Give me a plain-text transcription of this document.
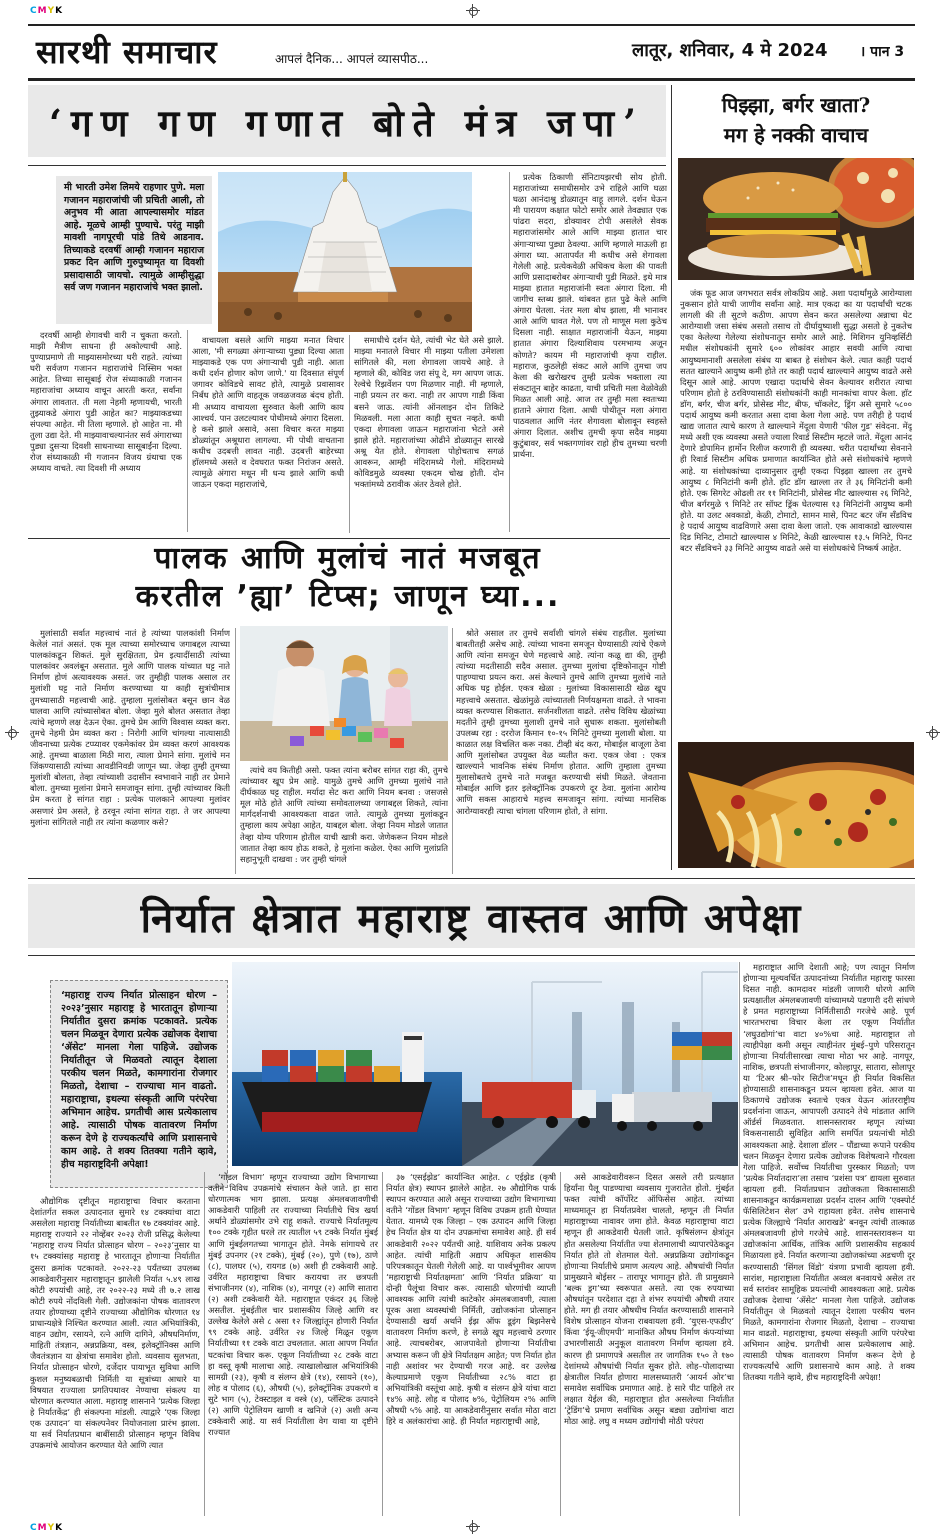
CMYK
CMYK
सारथी समाचार	आपलं दैनिक... आपलं व्यासपीठ...	लातूर, शनिवार, 4 मे 2024 । पान 3
‘गण गण गणात बोते मंत्र जपा’
मी भारती उमेश लिमये राहणार पुणे. मला गजानन महाराजांची जी प्रचिती आली, तो अनुभव मी आता आपल्यासमोर मांडत आहे. मूळचे आम्ही पुण्याचे. परंतु माझी मावशी नागपूरची पांडे तिथे आडनाव. तिच्याकडे दरवर्षी आम्ही गजानन महाराज प्रकट दिन आणि गुरुपुष्यामृत या दिवशी प्रसादासाठी जायचो. त्यामुळे आम्हीसुद्धा सर्व जण गजानन महाराजांचे भक्त झालो.

दरवर्षी आम्ही शेगावची वारी न चुकता करतो. माझी मैत्रीण साधना ही अकोल्याची आहे. पुण्याप्रमाणे ती माझ्यासमोरच्या घरी राहते. त्यांच्या घरी सर्वजण गजानन महाराजांचे निस्सिम भक्त आहेत. तिच्या सासूबाई रोज संध्याकाळी गजानन महाराजांचा अध्याय वाचून आरती करत, सर्वांना अंगारा लावतात. ती मला नेहमी म्हणायची, भारती तुझ्याकडे अंगारा पुडी आहेत का? माझ्याकडच्या संपल्या आहेत. मी तिला म्हणाले. हो आहेत ना. मी तुला उद्या देते. मी माझ्यावाचल्यानंतर सर्व अंगाराच्या पुड्या दुसऱ्या दिवशी साधनाच्या सासूबाईंना दिल्या. रोज संध्याकाळी मी गजानन विजय ग्रंथाचा एक अध्याय वाचते. त्या दिवशी मी अध्याय

वाचायला बसले आणि माझ्या मनात विचार आला, 'मी सगळ्या अंगाऱ्याच्या पुड्या दिल्या आता माझ्याकडे एक पण अंगाऱ्याची पुडी नाही. आता कधी दर्शन होणार कोण जाणे.' या दिवसात संपूर्ण जगावर कोविडचे सावट होते, त्यामुळे प्रवासावर निर्बंध होते आणि वाहतूक जवळजवळ बंदच होती. मी अध्याय वाचायला सुरुवात केली आणि काय आश्चर्य. पान उलटल्यावर पोथीमध्ये अंगारा दिसला. हे कसे झाले असावे, असा विचार करत माझ्या डोळ्यांतून अश्रूधारा लागल्या. मी पोथी वाचताना कधीच उदबत्ती लावत नाही. उदबत्ती बाहेरच्या हॉलमध्ये असते व देवघरात फक्त निरांजन असते. त्यामुळे अंगारा मधून मी धन्य झाले आणि कधी जाऊन एकदा महाराजांचे,

समाधीचे दर्शन घेते, त्यांची भेट घेते असे झाले. माझ्या मनातले विचार मी माझ्या पतीला उमेशला सांगितले की, मला शेगावला जायचे आहे. ते म्हणाले की, कोविड जरा संपू दे, मग आपण जाऊ. रेल्वेचे रिझर्वेशन पण मिळणार नाही. मी म्हणाले, नाही प्रयत्न तर करा. नाही तर आपण गाडी किंवा बसने जाऊ. त्यांनी ऑनलाइन दोन तिकिटे मिळवली. मला आता काही सुचत नव्हते. कधी एकदा शेगावला जाऊन महाराजांना भेटते असे झाले होते. महाराजांच्या ओढीने डोळ्यातून सारखे अश्रू येत होते. शेगावला पोहोचताच सगळं आवरून, आम्ही मंदिरामध्ये गेलो. मंदिरामध्ये कोविडमुळे व्यवस्था एकदम चोख होती. दोन भक्तांमध्ये ठरावीक अंतर ठेवले होते.

प्रत्येक ठिकाणी सॅनिटायझरची सोय होती. महाराजांच्या समाधीसमोर उभे राहिले आणि घळा घळा आनंदाश्रु डोळ्यातून वाहू लागले. दर्शन घेऊन मी पारायण कक्षात फोटो समोर आले तेवढ्यात एक पांढरा सदरा, डोक्यावर टोपी असलेले सेवक महाराजांसमोर आले आणि माझ्या हातात चार अंगाऱ्याच्या पुड्या ठेवल्या. आणि म्हणाले माऊली हा अंगारा घ्या. आतापर्यंत मी कधीच असे शेगावला गेलेली आहे. प्रत्येकवेळी अधिकच केला की पावती आणि प्रसादाबरोबर अंगाऱ्याची पुडी मिळते. इथे मात्र माझ्या हातात महाराजांनी स्वतः अंगारा दिला. मी जागीच स्तब्ध झाले. थांबवत हात पुढे केले आणि अंगारा घेतला. नंतर मला बोध झाला, मी भानावर आले आणि धावत गेले. पण तो माणूस मला कुठेच दिसला नाही. साक्षात महाराजांनी येऊन, माझ्या हातात अंगारा दिल्याशिवाय परमभाग्य अजून कोणते? कायम मी महाराजांची कृपा राहील. महाराज, कुठलेही संकट आले आणि तुमचा जप केला की खरोखरच तुम्ही प्रत्येक भक्ताला त्या संकटातून बाहेर काढता, याची प्रचिती मला वेळोवेळी मिळत आली आहे. आज तर तुम्ही मला स्वतःच्या हाताने अंगारा दिला. आधी पोथीतून मला अंगारा पाठवलात आणि नंतर शेगावला बोलावून स्वहस्ते अंगारा दिलात. अशीच तुमची कृपा सदैव माझ्या कुटुंबावर, सर्व भक्तगणांवर राहो हीच तुमच्या चरणी प्रार्थना.

पिझ्झा, बर्गर खाता?
मग हे नक्की वाचाच

जंक फूड आज जगभरात सर्वत्र लोकप्रिय आहे. अशा पदार्थांमुळे आरोग्याला नुकसान होते याची जाणीव सर्वांना आहे. मात्र एकदा का या पदार्थांची चटक लागली की ती सुटणे कठीण. आपण सेवन करत असलेल्या अन्नाचा थेट आरोग्याशी जसा संबंध असतो तसाच तो दीर्घायुष्याशी सुद्धा असतो हे नुकतेच एका केलेल्या गेलेल्या संशोधनातून समोर आले आहे. मिशिगन युनिव्हर्सिटी मधील संशोधकांनी सुमारे ६०० लोकांवर आहार सवयी आणि त्याचा आयुष्यमानाशी असलेला संबंध या बाबत हे संशोधन केले. त्यात काही पदार्थ सतत खाल्याने आयुष्य कमी होते तर काही पदार्थ खाल्ल्याने आयुष्य वाढते असे दिसून आले आहे. आपण एखादा पदार्थाचे सेवन केल्यावर शरीरात त्याचा परिणाम होतो हे ठरविण्यासाठी संशोधकांनी काही मानकांचा वापर केला. हॉट डॉग, बर्गर, चीज बर्गर, प्रोसेस्ड मीट, बीफ, चॉकलेट, ड्रिंग असे सुमारे ५८०० पदार्थ आयुष्य कमी करतात असा दावा केला गेला आहे. पण तरीही हे पदार्थ खाद्य जातात त्याचे कारण ते खाल्ल्याने मेंदूला येणारी 'फील गुड' संवेदना. मेंदू मध्ये अशी एक व्यवस्था असते ज्याला रिवार्ड सिस्टीम म्हटले जाते. मेंदूला आनंद देणारे डोपामिन हार्मोन रिलीज करणारी ही व्यवस्था. चरीत पदार्थांच्या सेवनाने ही रिवार्ड सिस्टीम अधिक प्रमाणात कार्यान्वित होते असे संशोधकांचे म्हणणे आहे. या संशोधकांच्या दाव्यानुसार तुम्ही एकदा पिझ्झा खाल्ला तर तुमचे आयुष्य ८ मिनिटांनी कमी होते. हॉट डॉग खाल्ला तर ते ३६ मिनिटांनी कमी होते. एक सिगरेट ओढली तर ११ मिनिटांनी, प्रोसेस्ड मीट खाल्ल्यास २६ मिनिटे, चीज बर्गरमुळे ९ मिनिटे तर सॉफ्ट ड्रिंक घेतल्यास १३ मिनिटांनी आयुष्य कमी होते. या उलट अवकाडो, केळी, टोमाटो, सामन मासे, पिनट बटर जॅम सँडविच हे पदार्थ आयुष्य वाढविणारे असा दावा केला जातो. एक आवाकाडो खाल्ल्यास दिड मिनिट, टोमाटो खाल्ल्यास ४ मिनिटे, केळी खाल्ल्यास १३.५ मिनिटे, पिनट बटर सँडविचने ३३ मिनिटे आयुष्य वाढते असे या संशोधकांचे निष्कर्ष आहेत.

पालक आणि मुलांचं नातं मजबूत
करतील ’ह्या’ टिप्स; जाणून घ्या...

मुलांसाठी सर्वात महत्त्वाचं नातं हे त्यांच्या पालकांशी निर्माण केलेलं नातं असतं. एक मूल त्याच्या समोरच्याच जगाबद्दल त्याच्या पालकांकडून शिकतं. मुले सुरक्षितता, प्रेम इत्यादींसाठी त्यांच्या पालकांवर अवलंबून असतात. मुले आणि पालक यांच्यात घट्ट नाते निर्माण होणं अत्यावश्यक असतं. जर तुम्हीही पालक असाल तर मुलांशी घट्ट नाते निर्माण करण्याच्या या काही सुत्रांचीमात्र तुमच्यासाठी महत्त्वाची आहे. तुम्हाला मुलांसोबत बसून छान वेळ घालवा आणि त्यांच्यासोबत बोला. जेव्हा मुले बोलत असतात तेव्हा त्यांचे म्हणणे लक्ष देऊन ऐका. तुमचे प्रेम आणि विश्वास व्यक्त करा. तुमचे नेहमी प्रेम व्यक्त करा : निरोगी आणि चांगल्या नात्यासाठी जीवनाच्या प्रत्येक टप्प्यावर एकमेकांवर प्रेम व्यक्त करणं आवश्यक आहे. तुमच्या बाळाला मिठी मारा, त्याला प्रेमाने सांगा. मुलांचे मन जिंकण्यासाठी त्यांच्या आवडीनिवडी जाणून घ्या. जेव्हा तुम्ही तुमच्या मुलांशी बोलता, तेव्हा त्यांच्याशी उदासीन स्वभावाने नाही तर प्रेमाने बोला. तुमच्या मुलांना प्रेमाने समजावून सांगा. तुम्ही त्यांच्यावर किती प्रेम करता हे सांगत राहा : प्रत्येक पालकाने आपल्या मुलांवर असणारं प्रेम असते, हे ठरवून त्यांना सांगत राहा. ते जर आपल्या मुलांना सांगितले नाही तर त्यांना कळणार कसे?

त्यांचे वय कितीही असो. फक्त त्यांना बरोबर सांगत राहा की, तुमचे त्यांच्यावर खूप प्रेम आहे. यामुळे तुमचे आणि तुमच्या मुलांचे नाते दीर्घकाळ घट्ट राहील. मर्यादा सेट करा आणि नियम बनवा : जसजसे मूल मोठे होते आणि त्यांच्या समोवतालच्या जगाबद्दल शिकते, त्यांना मार्गदर्शनाची आवश्यकता वाढत जाते. त्यामुळे तुमच्या मुलांकडून तुम्हाला काय अपेक्षा आहेत, याबद्दल बोला. जेव्हा नियम मोडले जातात तेव्हा योग्य परिणाम होतील याची खात्री करा. जेणेकरून नियम मोडले जातात तेव्हा काय होऊ शकते, हे मुलांना कळेल. ऐका आणि मुलांप्रति सहानुभूती दाखवा : जर तुम्ही चांगले

श्रोते असाल तर तुमचे सर्वांशी चांगले संबंध राहतील. मुलांच्या बाबतीतही असेच आहे. त्यांच्या भावना समजून घेण्यासाठी त्यांचे ऐकणे आणि त्यांना समजून घेणे महत्त्वाचे आहे. त्यांना कळू द्या की, तुम्ही त्यांच्या मदतीसाठी सदैव असाल. तुमच्या मुलांचा दृष्टिकोनातून गोष्टी पाहण्याचा प्रयत्न करा. असं केल्याने तुमचे आणि तुमच्या मुलांचे नाते अधिक घट्ट होईल. एकत्र खेळा : मुलांच्या विकासासाठी खेळ खूप महत्त्वाचे असतात. खेळांमुळे त्यांच्यातली निर्णयक्षमता वाढते. ते भावना व्यक्त करण्यास शिकतात. सर्जनशीलता वाढते. तसेच विविध खेळांच्या मदतीने तुम्ही तुमच्या मुलाशी तुमचे नाते सुधारू शकता. मुलांसोबती उपलब्ध रहा : दररोज किमान १०-१५ मिनिटे तुमच्या मुलाशी बोला. या काळात लक्ष विचलित करू नका. टीव्ही बंद करा, मोबाईल बाजूला ठेवा आणि मुलांसोबत उपयुक्त वेळ व्यतीत करा. एकत्र जेवा : एकत्र खाल्ल्याने भावनिक संबंध निर्माण होतात. आणि तुम्हाला तुमच्या मुलासोबतचे तुमचे नाते मजबूत करण्याची संधी मिळते. जेवताना मोबाईल आणि इतर इलेक्ट्रॉनिक उपकरणे दूर ठेवा. मुलांना आरोग्य आणि सकस आहाराचे महत्त्व समजावून सांगा. त्यांच्या मानसिक आरोग्यावरही त्याचा चांगला परिणाम होतो, ते सांगा.

निर्यात क्षेत्रात महाराष्ट्र वास्तव आणि अपेक्षा
‘महाराष्ट्र राज्य निर्यात प्रोत्साहन धोरण – २०२३’नुसार महाराष्ट्र हे भारतातून होणाऱ्या निर्यातीत दुसरा क्रमांक पटकावते. प्रत्येक चलन मिळवून देणारा प्रत्येक उद्योजक देशाचा ‘ॲसेट’ मानला गेला पाहिजे. उद्योजक निर्यातीतून जे मिळवतो त्यातून देशाला परकीय चलन मिळते, कामगारांना रोजगार मिळतो, देशाचा – राज्याचा मान वाढतो. महाराष्ट्राचा, इथल्या संस्कृती आणि परंपरेचा अभिमान आहेच. प्रगतीची आस प्रत्येकालाच आहे. त्यासाठी पोषक वातावरण निर्माण करून देणे हे राज्यकर्त्यांचे आणि प्रशासनाचे काम आहे. ते शक्य तितक्या गतीने व्हावे, हीच महाराष्ट्रदिनी अपेक्षा!

औद्योगिक दृष्टीतून महाराष्ट्राचा विचार करताना देशांतर्गत सकल उत्पादनात सुमारे १४ टक्क्यांचा वाटा असलेला महाराष्ट्र निर्यातीच्या बाबतीत १७ टक्क्यांवर आहे. महाराष्ट्र राज्याने २२ नोव्हेंबर २०२३ रोजी प्रसिद्ध केलेल्या ‘महाराष्ट्र राज्य निर्यात प्रोत्साहन धोरण – २०२३’नुसार या १५ टक्क्यांसह महाराष्ट्र हे भारतातून होणाऱ्या निर्यातीत दुसरा क्रमांक पटकावते. २०२२-२३ पर्यंतच्या उपलब्ध आकडेवारीनुसार महाराष्ट्रातून झालेली निर्यात ५.४९ लाख कोटी रुपयांची आहे, तर २०२२-२३ मध्ये ती ७.२ लाख कोटी रुपये नोंदविली गेली. उद्योजकांना पोषक वातावरण तयार होण्याच्या दृष्टीने राज्याच्या औद्योगिक धोरणात १४ प्राधान्यक्षेत्रे निश्चित करण्यात आली. त्यात अभियांत्रिकी, वाहन उद्योग, रसायने, रत्ने आणि दागिने, औषधनिर्माण, माहिती तंत्रज्ञान, अन्नप्रक्रिया, वस्त्र, इलेक्ट्रॉनिक्स आणि जैवतंत्रज्ञान या क्षेत्रांचा समावेश होतो. व्यवसाय सुलभता, निर्यात प्रोत्साहन धोरणे, दर्जेदार पायाभूत सुविधा आणि कुशल मनुष्यबळाची निर्मिती या सूत्रांच्या आधारे या विषयात राज्याला प्रगतिपथावर नेण्याचा संकल्प या धोरणात करण्यात आला. महाराष्ट्र शासनाने ‘प्रत्येक जिल्हा हे निर्यातकेंद्र’ ही संकल्पना मांडली. त्याद्वारे ‘एक जिल्हा एक उत्पादन’ या संकल्पनेवर नियोजनाला प्रारंभ झाला. या सर्व निर्यातप्रधान बाबींसाठी प्रोत्साहन म्हणून विविध उपक्रमांचे आयोजन करण्यात येते आणि त्यात

‘गोंडल विभाग’ म्हणून राज्याच्या उद्योग विभागाच्या वतीने विविध उपक्रमांचे संचालन केले जाते. हा सारा धोरणात्मक भाग झाला. प्रत्यक्ष अंमलबजावणीची आकडेवारी पाहिली तर राज्याच्या निर्यातीचे चित्र खर्या अर्थाने डोळ्यांसमोर उभे राहू शकते. राज्याचे निर्यातमूल्य १०० टक्के गृहीत धरले तर त्यातील ५९ टक्के निर्यात मुंबई आणि मुंबईलगतच्या भागातून होते. नेमके सांगायचे तर मुंबई उपनगर (२१ टक्के), मुंबई (२०), पुणे (१७), ठाणे (८), पालघर (५), रायगड (७) अशी ही टक्केवारी आहे. उर्वरित महाराष्ट्राचा विचार करायचा तर छत्रपती संभाजीनगर (४), नाशिक (४), नागपूर (२) आणि सातारा (२) अशी टक्केवारी येते. महाराष्ट्रात एकंदर ३६ जिल्हे असतील. मुंबईतील चार प्रशासकीय जिल्हे आणि वर उल्लेख केलेले असे ८ असा १२ जिल्ह्यांतून होणारी निर्यात ९९ टक्के आहे. उर्वरित २४ जिल्हे मिळून एकूण निर्यातीच्या ११ टक्के वाटा उचलतात. आता आपण निर्यात घटकांचा विचार करू. एकूण निर्यातीच्या २८ टक्के वाटा हा वस्तू कृषी मालाचा आहे. त्याखालोखाल अभियांत्रिकी सामग्री (२३), कृषी व संलग्न क्षेत्रे (१४), रसायने (१०), लोह व पोलाद (६), औषधी (५), इलेक्ट्रॉनिक उपकरणे व सुटे भाग (५), टेक्स्टाइल व वस्त्रे (४), प्लॅस्टिक उत्पादने (२) आणि पेट्रोलियम खाणी व खनिजे (२) अशी अन्य टक्केवारी आहे. या सर्व निर्यातीला वेग यावा या दृष्टीने राज्यात

३७ ‘एसईझेड’ कार्यान्वित आहेत. ८ एईझेड (कृषी निर्यात क्षेत्र) स्थापन झालेले आहेत. २७ औद्योगिक पार्क स्थापन करण्यात आले असून राज्याच्या उद्योग विभागाच्या वतीने ‘गोंडल विभाग’ म्हणून विविध उपक्रम हाती घेण्यात येतात. यामध्ये एक जिल्हा – एक उत्पादन आणि जिल्हा हेच निर्यात क्षेत्र या दोन उपक्रमांचा समावेश आहे. ही सर्व आकडेवारी २०२२ पर्यंतची आहे. याशिवाय अनेक प्रकल्प आहेत. त्यांची माहिती अद्याप अधिकृत शासकीय परिपत्रकातून घेतली गेलेली आहे. या पार्श्वभूमीवर आपण ‘महाराष्ट्राची निर्यातक्षमता’ आणि ‘निर्यात प्रक्रिया’ या दोन्ही पैलूंचा विचार करू. त्यासाठी धोरणांची व्याप्ती आवश्यक आणि त्यांची काटेकोर अंमलबजावणी, त्याला पूरक अशा व्यवस्थांची निर्मिती, उद्योजकांना प्रोत्साहन देण्यासाठी खर्या अर्थाने ईझ ऑफ डूइंग बिझनेसचे वातावरण निर्माण करणे, हे सगळे खूप महत्त्वाचे ठरणार आहे. त्याचबरोबर, आजपावेतो होणाऱ्या निर्यातीचा अभ्यास करून जी क्षेत्रे निर्यातक्षम आहेत; पण निर्यात होत नाही अशांवर भर देण्याची गरज आहे. वर उल्लेख केल्याप्रमाणे एकूण निर्यातीच्या २८% वाटा हा अभियांत्रिकी वस्तूंचा आहे. कृषी व संलग्न क्षेत्रे यांचा वाटा १४% आहे. लोह व पोलाद ७%, पेट्रोलियम २% आणि औषधी ५% आहे. या आकडेवारीनुसार सर्वात मोठा वाटा हिरे व अलंकारांचा आहे. ही निर्यात महाराष्ट्राची आहे,

असे आकडेवारीवरून दिसत असले तरी प्रत्यक्षात हिर्यांना पैलू पाडण्याचा व्यवसाय गुजरातेत होतो. मुंबईत फक्त त्यांची कॉर्पोरेट ऑफिसेस आहेत. त्यांच्या माध्यमातून हा निर्यातप्रवेश चालतो, म्हणून ती निर्यात महाराष्ट्राच्या नावावर जमा होते. केवळ महाराष्ट्राचा वाटा म्हणून ही आकडेवारी घेतली जाते. कृषिसंलग्न क्षेत्रांतून होत असलेल्या निर्यातीत ज्या शेतमालाची व्यापारपेठेकडून निर्यात होते तो शेतमाल येतो. अन्नप्रक्रिया उद्योगांकडून होणाऱ्या निर्यातीचे प्रमाण अत्यल्प आहे. औषधांची निर्यात प्रामुख्याने बोईसर – तारापूर भागातून होते. ती प्रामुख्याने ‘बल्क ड्रग’च्या स्वरूपात असते. त्या एक रुपयाच्या औषधांतून परदेशात दहा ते शंभर रुपयांची औषधी तयार होते. मग ही तयार औषधीच निर्यात करण्यासाठी शासनाने विशेष प्रोत्साहन योजना राबवायला हवी. ‘युएस-एफडीए’ किंवा ‘ईयू-जीएमपी’ मानांकित औषध निर्माण कंपन्यांच्या उभारणीसाठी अनुकूल वातावरण निर्माण व्हायला हवे. कारण ही प्रमाणपत्रे असतील तर जागतिक १५० ते १७० देशांमध्ये औषधांची निर्यात सुकर होते. लोह–पोलादाच्या क्षेत्रातील निर्यात होणारा मालसध्यातरी ‘आयर्न ओर’चा समावेश सर्वाधिक प्रमाणात आहे. हे सारे पीट पाहिले तर लक्षात येईल की, महाराष्ट्रात होत असलेल्या निर्यातीत ‘ट्रेडिंग’चे प्रमाण सर्वाधिक असून बड्या उद्योगांचा वाटा मोठा आहे. लघु व मध्यम उद्योगांची मोठी परंपरा

महाराष्ट्रात आणि देशाती आहे; पण त्यातून निर्माण होणाऱ्या मूल्यवर्धित उत्पादनांच्या निर्यातीत महाराष्ट्र फारसा दिसत नाही. कामदावर मांडली जाणारी धोरणे आणि प्रत्यक्षातील अंमलबजावणी यांच्यामध्ये पडणारी दरी सांधणे हे प्रमत महाराष्ट्राच्या निर्मितीसाठी गरजेचे आहे. पूर्ण भारतभराचा विचार केला तर एकूण निर्यातीत ‘लघुउद्योगां’चा वाटा ४०%चा आहे. महाराष्ट्रात तो त्याहीपेक्षा कमी असून त्याहीनंतर मुंबई–पुणे परिसरातून होणाऱ्या निर्यातीसारखा त्याचा मोठा भर आहे. नागपूर, नाशिक, छत्रपती संभाजीनगर, कोल्हापूर, सातारा, सोलापूर या ‘टिअर श्री–फोर सिटीज’मधून ही निर्यात विकसित होण्यासाठी शासनाकडून प्रयत्न व्हायला हवेत. आज या ठिकाणचे उद्योजक स्वतःचे एकत्र येऊन आंतरराष्ट्रीय प्रदर्शनांना जाऊन, आपापली उत्पादने तेथे मांडतात आणि ऑर्डर्स मिळवतात. शासनस्तरावर म्हणून त्यांच्या विकसनासाठी सुविहित आणि समर्पित प्रयत्नांची मोठी आवश्यकता आहे. देशाला डॉलर – पौंडाच्या रूपाने परकीय चलन मिळवून देणारा प्रत्येक उद्योजक विशेषत्वाने गौरवला गेला पाहिजे. सर्वोच्च निर्यातीचा पुरस्कार मिळतो; पण ‘प्रत्येक निर्यातदारा’ला तसाच ‘प्रशंसा पत्र’ द्यायला सुरुवात व्हायला हवी. निर्यातप्रधान उद्योजकता विकासासाठी शासनाकडून कार्यक्रमशाळा प्रदर्शन दालन आणि ‘एक्स्पोर्ट फॅसिलिटेशन सेल’ उभे राहायला हवेत. तसेच शासनाचे प्रत्येक जिल्ह्याचे ‘निर्यात आराखडे’ बनवून त्यांची तात्काळ अंमलबजावणी होणे गरजेचे आहे. शासनस्तरावरून या उद्योजकांना आर्थिक, तांत्रिक आणि प्रशासकीय सहकार्य मिळायला हवे. निर्यात करणाऱ्या उद्योजकांच्या अडचणी दूर करण्यासाठी ‘सिंगल विंडो’ यंत्रणा प्रभावी व्हायला हवी. सारांश, महाराष्ट्राला निर्यातीत अव्वल बनवायचे असेल तर सर्व स्तरांवर सामूहिक प्रयत्नांची आवश्यकता आहे. प्रत्येक उद्योजक देशाचा ‘ॲसेट’ मानला गेला पाहिजे. उद्योजक निर्यातीतून जे मिळवतो त्यातून देशाला परकीय चलन मिळते, कामगारांना रोजगार मिळतो, देशाचा – राज्याचा मान वाढतो. महाराष्ट्राचा, इथल्या संस्कृती आणि परंपरेचा अभिमान आहेच. प्रगतीची आस प्रत्येकालाच आहे. त्यासाठी पोषक वातावरण निर्माण करून देणे हे राज्यकर्त्यांचे आणि प्रशासनाचे काम आहे. ते शक्य तितक्या गतीने व्हावे, हीच महाराष्ट्रदिनी अपेक्षा!
